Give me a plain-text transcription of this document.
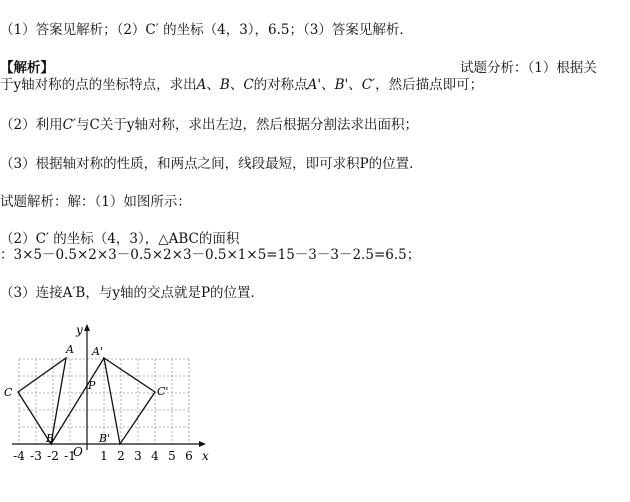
（1）答案见解析；（2）C′ 的坐标（4，3），6.5；（3）答案见解析．
【解析】	试题分析：（1）根据关
于y轴对称的点的坐标特点，求出A、B、C的对称点A'、B'、C′，然后描点即可；
（2）利用C′与C关于y轴对称，求出左边，然后根据分割法求出面积；
（3）根据轴对称的性质，和两点之间，线段最短，即可求积P的位置．
试题解析：解：（1）如图所示：
（2）C′ 的坐标（4，3），△ABC的面积
：3×5－0.5×2×3－0.5×2×3－0.5×1×5=15－3－3－2.5=6.5；
（3）连接A′B，与y轴的交点就是P的位置．
x
y
O
-4 -3 -2 -1 1 2 3 4 5 6
A
B
C
A'
B'
C'
P
